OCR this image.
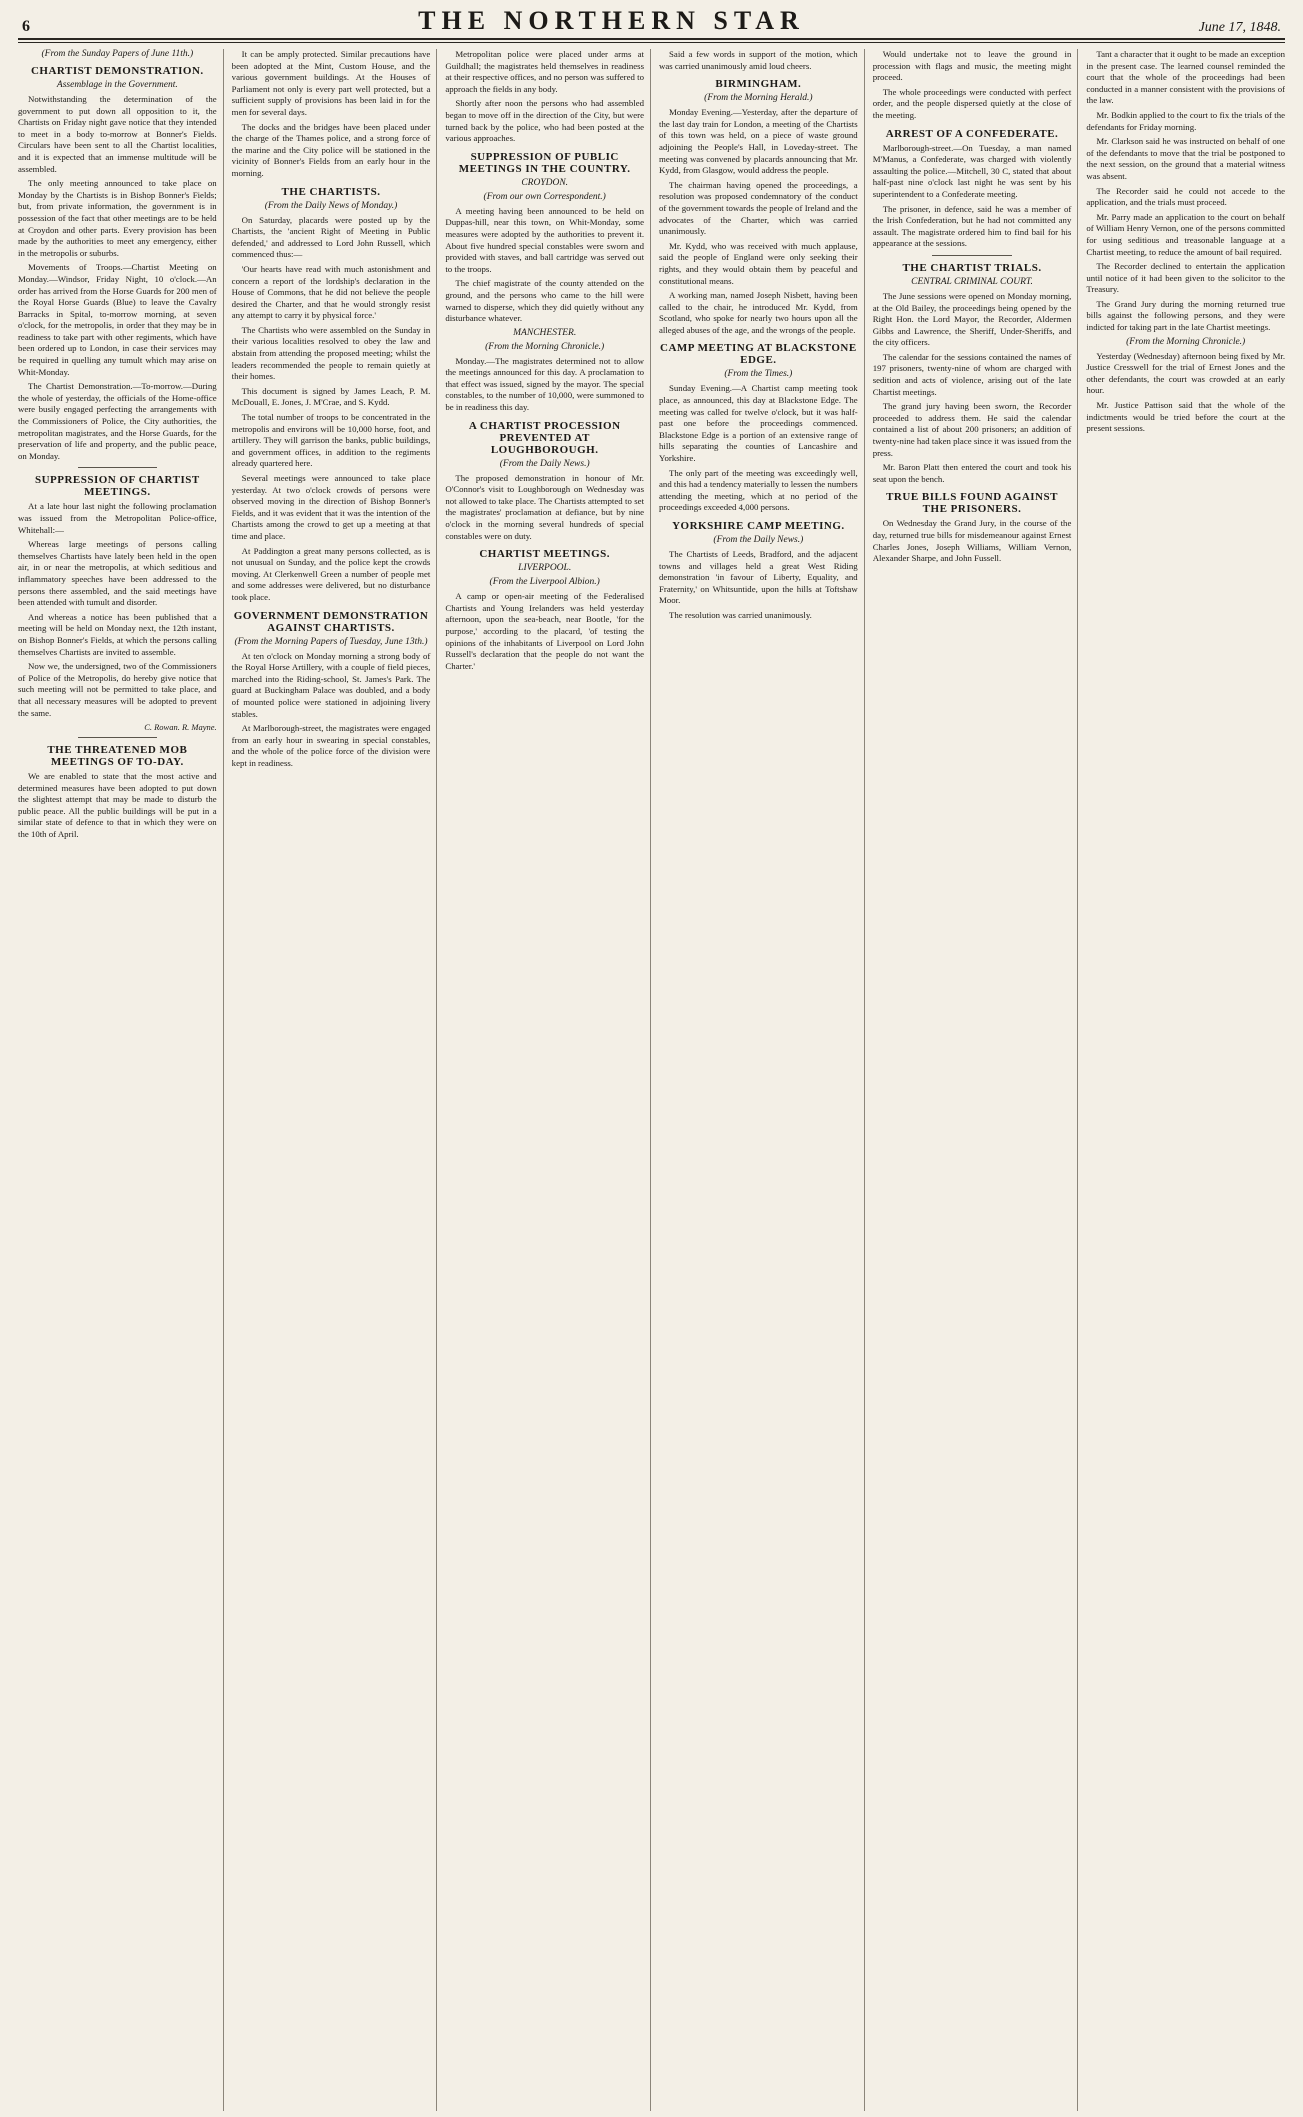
6	THE NORTHERN STAR	June 17, 1848.
(From the Sunday Papers of June 11th.)
CHARTIST DEMONSTRATION.
Assemblage in the Government.

Notwithstanding the determination of the government to put down all opposition to it, the Chartists on Friday night gave notice that they intended to meet in a body to-morrow at Bonner's Fields. Circulars have been sent to all the Chartist localities, and it is expected that an immense multitude will be assembled.

The only meeting announced to take place on Monday by the Chartists is in Bishop Bonner's Fields; but, from private information, the government is in possession of the fact that other meetings are to be held at Croydon and other parts. Every provision has been made by the authorities to meet any emergency, either in the metropolis or suburbs.

Movements of Troops.—Chartist Meeting on Monday.—Windsor, Friday Night, 10 o'clock.—An order has arrived from the Horse Guards for 200 men of the Royal Horse Guards (Blue) to leave the Cavalry Barracks in Spital, to-morrow morning, at seven o'clock, for the metropolis, in order that they may be in readiness to take part with other regiments, which have been ordered up to London, in case their services may be required in quelling any tumult which may arise on Whit-Monday.

The Chartist Demonstration.—To-morrow.—During the whole of yesterday, the officials of the Home-office were busily engaged perfecting the arrangements with the Commissioners of Police, the City authorities, the metropolitan magistrates, and the Horse Guards, for the preservation of life and property, and the public peace, on Monday.

SUPPRESSION OF CHARTIST MEETINGS.

At a late hour last night the following proclamation was issued from the Metropolitan Police-office, Whitehall:—

Whereas large meetings of persons calling themselves Chartists have lately been held in the open air, in or near the metropolis, at which seditious and inflammatory speeches have been addressed to the persons there assembled, and the said meetings have been attended with tumult and disorder.

And whereas a notice has been published that a meeting will be held on Monday next, the 12th instant, on Bishop Bonner's Fields, at which the persons calling themselves Chartists are invited to assemble.

Now we, the undersigned, two of the Commissioners of Police of the Metropolis, do hereby give notice that such meeting will not be permitted to take place, and that all necessary measures will be adopted to prevent the same.

C. Rowan. R. Mayne.
THE THREATENED MOB MEETINGS OF TO-DAY.

We are enabled to state that the most active and determined measures have been adopted to put down the slightest attempt that may be made to disturb the public peace. All the public buildings will be put in a similar state of defence to that in which they were on the 10th of April.

It can be amply protected. Similar precautions have been adopted at the Mint, Custom House, and the various government buildings. At the Houses of Parliament not only is every part well protected, but a sufficient supply of provisions has been laid in for the men for several days.

The docks and the bridges have been placed under the charge of the Thames police, and a strong force of the marine and the City police will be stationed in the vicinity of Bonner's Fields from an early hour in the morning.

THE CHARTISTS.
(From the Daily News of Monday.)

On Saturday, placards were posted up by the Chartists, the 'ancient Right of Meeting in Public defended,' and addressed to Lord John Russell, which commenced thus:—

'Our hearts have read with much astonishment and concern a report of the lordship's declaration in the House of Commons, that he did not believe the people desired the Charter, and that he would strongly resist any attempt to carry it by physical force.'

The Chartists who were assembled on the Sunday in their various localities resolved to obey the law and abstain from attending the proposed meeting; whilst the leaders recommended the people to remain quietly at their homes.

This document is signed by James Leach, P. M. McDouall, E. Jones, J. M'Crae, and S. Kydd.

The total number of troops to be concentrated in the metropolis and environs will be 10,000 horse, foot, and artillery. They will garrison the banks, public buildings, and government offices, in addition to the regiments already quartered here.

Several meetings were announced to take place yesterday. At two o'clock crowds of persons were observed moving in the direction of Bishop Bonner's Fields, and it was evident that it was the intention of the Chartists among the crowd to get up a meeting at that time and place.

At Paddington a great many persons collected, as is not unusual on Sunday, and the police kept the crowds moving. At Clerkenwell Green a number of people met and some addresses were delivered, but no disturbance took place.

GOVERNMENT DEMONSTRATION AGAINST CHARTISTS.
(From the Morning Papers of Tuesday, June 13th.)

At ten o'clock on Monday morning a strong body of the Royal Horse Artillery, with a couple of field pieces, marched into the Riding-school, St. James's Park. The guard at Buckingham Palace was doubled, and a body of mounted police were stationed in adjoining livery stables.

At Marlborough-street, the magistrates were engaged from an early hour in swearing in special constables, and the whole of the police force of the division were kept in readiness.

Metropolitan police were placed under arms at Guildhall; the magistrates held themselves in readiness at their respective offices, and no person was suffered to approach the fields in any body.

Shortly after noon the persons who had assembled began to move off in the direction of the City, but were turned back by the police, who had been posted at the various approaches.

SUPPRESSION OF PUBLIC MEETINGS IN THE COUNTRY.
CROYDON.
(From our own Correspondent.)

A meeting having been announced to be held on Duppas-hill, near this town, on Whit-Monday, some measures were adopted by the authorities to prevent it. About five hundred special constables were sworn and provided with staves, and ball cartridge was served out to the troops.

The chief magistrate of the county attended on the ground, and the persons who came to the hill were warned to disperse, which they did quietly without any disturbance whatever.

MANCHESTER.
(From the Morning Chronicle.)

Monday.—The magistrates determined not to allow the meetings announced for this day. A proclamation to that effect was issued, signed by the mayor. The special constables, to the number of 10,000, were summoned to be in readiness this day.

A CHARTIST PROCESSION PREVENTED AT LOUGHBOROUGH.
(From the Daily News.)

The proposed demonstration in honour of Mr. O'Connor's visit to Loughborough on Wednesday was not allowed to take place. The Chartists attempted to set the magistrates' proclamation at defiance, but by nine o'clock in the morning several hundreds of special constables were on duty.

CHARTIST MEETINGS.
LIVERPOOL.
(From the Liverpool Albion.)

A camp or open-air meeting of the Federalised Chartists and Young Irelanders was held yesterday afternoon, upon the sea-beach, near Bootle, 'for the purpose,' according to the placard, 'of testing the opinions of the inhabitants of Liverpool on Lord John Russell's declaration that the people do not want the Charter.'

Said a few words in support of the motion, which was carried unanimously amid loud cheers.

BIRMINGHAM.
(From the Morning Herald.)

Monday Evening.—Yesterday, after the departure of the last day train for London, a meeting of the Chartists of this town was held, on a piece of waste ground adjoining the People's Hall, in Loveday-street. The meeting was convened by placards announcing that Mr. Kydd, from Glasgow, would address the people.

The chairman having opened the proceedings, a resolution was proposed condemnatory of the conduct of the government towards the people of Ireland and the advocates of the Charter, which was carried unanimously.

Mr. Kydd, who was received with much applause, said the people of England were only seeking their rights, and they would obtain them by peaceful and constitutional means.

A working man, named Joseph Nisbett, having been called to the chair, he introduced Mr. Kydd, from Scotland, who spoke for nearly two hours upon all the alleged abuses of the age, and the wrongs of the people.

CAMP MEETING AT BLACKSTONE EDGE.
(From the Times.)

Sunday Evening.—A Chartist camp meeting took place, as announced, this day at Blackstone Edge. The meeting was called for twelve o'clock, but it was half-past one before the proceedings commenced. Blackstone Edge is a portion of an extensive range of hills separating the counties of Lancashire and Yorkshire.

The only part of the meeting was exceedingly well, and this had a tendency materially to lessen the numbers attending the meeting, which at no period of the proceedings exceeded 4,000 persons.

YORKSHIRE CAMP MEETING.
(From the Daily News.)

The Chartists of Leeds, Bradford, and the adjacent towns and villages held a great West Riding demonstration 'in favour of Liberty, Equality, and Fraternity,' on Whitsuntide, upon the hills at Toftshaw Moor.

The resolution was carried unanimously.

Would undertake not to leave the ground in procession with flags and music, the meeting might proceed.

The whole proceedings were conducted with perfect order, and the people dispersed quietly at the close of the meeting.

ARREST OF A CONFEDERATE.

Marlborough-street.—On Tuesday, a man named M'Manus, a Confederate, was charged with violently assaulting the police.—Mitchell, 30 C, stated that about half-past nine o'clock last night he was sent by his superintendent to a Confederate meeting.

The prisoner, in defence, said he was a member of the Irish Confederation, but he had not committed any assault. The magistrate ordered him to find bail for his appearance at the sessions.

THE CHARTIST TRIALS.
CENTRAL CRIMINAL COURT.

The June sessions were opened on Monday morning, at the Old Bailey, the proceedings being opened by the Right Hon. the Lord Mayor, the Recorder, Aldermen Gibbs and Lawrence, the Sheriff, Under-Sheriffs, and the city officers.

The calendar for the sessions contained the names of 197 prisoners, twenty-nine of whom are charged with sedition and acts of violence, arising out of the late Chartist meetings.

The grand jury having been sworn, the Recorder proceeded to address them. He said the calendar contained a list of about 200 prisoners; an addition of twenty-nine had taken place since it was issued from the press.

Mr. Baron Platt then entered the court and took his seat upon the bench.

TRUE BILLS FOUND AGAINST THE PRISONERS.

On Wednesday the Grand Jury, in the course of the day, returned true bills for misdemeanour against Ernest Charles Jones, Joseph Williams, William Vernon, Alexander Sharpe, and John Fussell.

Tant a character that it ought to be made an exception in the present case. The learned counsel reminded the court that the whole of the proceedings had been conducted in a manner consistent with the provisions of the law.

Mr. Bodkin applied to the court to fix the trials of the defendants for Friday morning.

Mr. Clarkson said he was instructed on behalf of one of the defendants to move that the trial be postponed to the next session, on the ground that a material witness was absent.

The Recorder said he could not accede to the application, and the trials must proceed.

Mr. Parry made an application to the court on behalf of William Henry Vernon, one of the persons committed for using seditious and treasonable language at a Chartist meeting, to reduce the amount of bail required.

The Recorder declined to entertain the application until notice of it had been given to the solicitor to the Treasury.

The Grand Jury during the morning returned true bills against the following persons, and they were indicted for taking part in the late Chartist meetings.

(From the Morning Chronicle.)

Yesterday (Wednesday) afternoon being fixed by Mr. Justice Cresswell for the trial of Ernest Jones and the other defendants, the court was crowded at an early hour.

Mr. Justice Pattison said that the whole of the indictments would be tried before the court at the present sessions.
